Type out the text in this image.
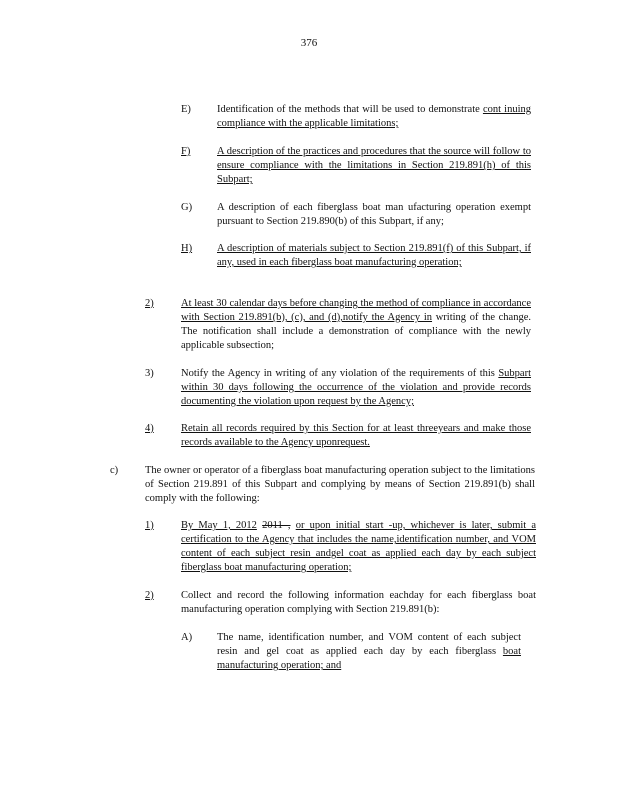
376
E) Identification of the methods that will be used to demonstrate cont inuing compliance with the applicable limitations;
F)	A description of the practices and procedures that the source will follow to ensure compliance with the limitations in Section 219.891(h) of this Subpart;
G) A description of each fiberglass boat man ufacturing operation exempt pursuant to Section 219.890(b) of this Subpart, if any;
H) A description of materials subject to Section 219.891(f) of this Subpart, if any, used in each fiberglass boat manufacturing operation;
2)	At least 30 calendar days before changing the method of compliance in accordance with Section 219.891(b), (c), and (d),notify the Agency in writing of the change. The notification shall include a demonstration of compliance with the newly applicable subsection;
3)	Notify the Agency in writing of any violation of the requirements of this Subpart within 30 days following the occurrence of the violation and provide records documenting the violation upon request by the Agency;
4)	Retain all records required by this Section for at least threeyears and make those records available to the Agency uponrequest.
c)	The owner or operator of a fiberglass boat manufacturing operation subject to the limitations of Section 219.891 of this Subpart and complying by means of Section 219.891(b) shall comply with the following:
1)	By May 1, 2012 2011 , or upon initial start -up, whichever is later, submit a certification to the Agency that includes the name,identification number, and VOM content of each subject resin andgel coat as applied each day by each subject fiberglass boat manufacturing operation;
2)	Collect and record the following information eachday for each fiberglass boat manufacturing operation complying with Section 219.891(b):
A) The name, identification number, and VOM content of each subject resin and gel coat as applied each day by each fiberglass boat manufacturing operation; and
